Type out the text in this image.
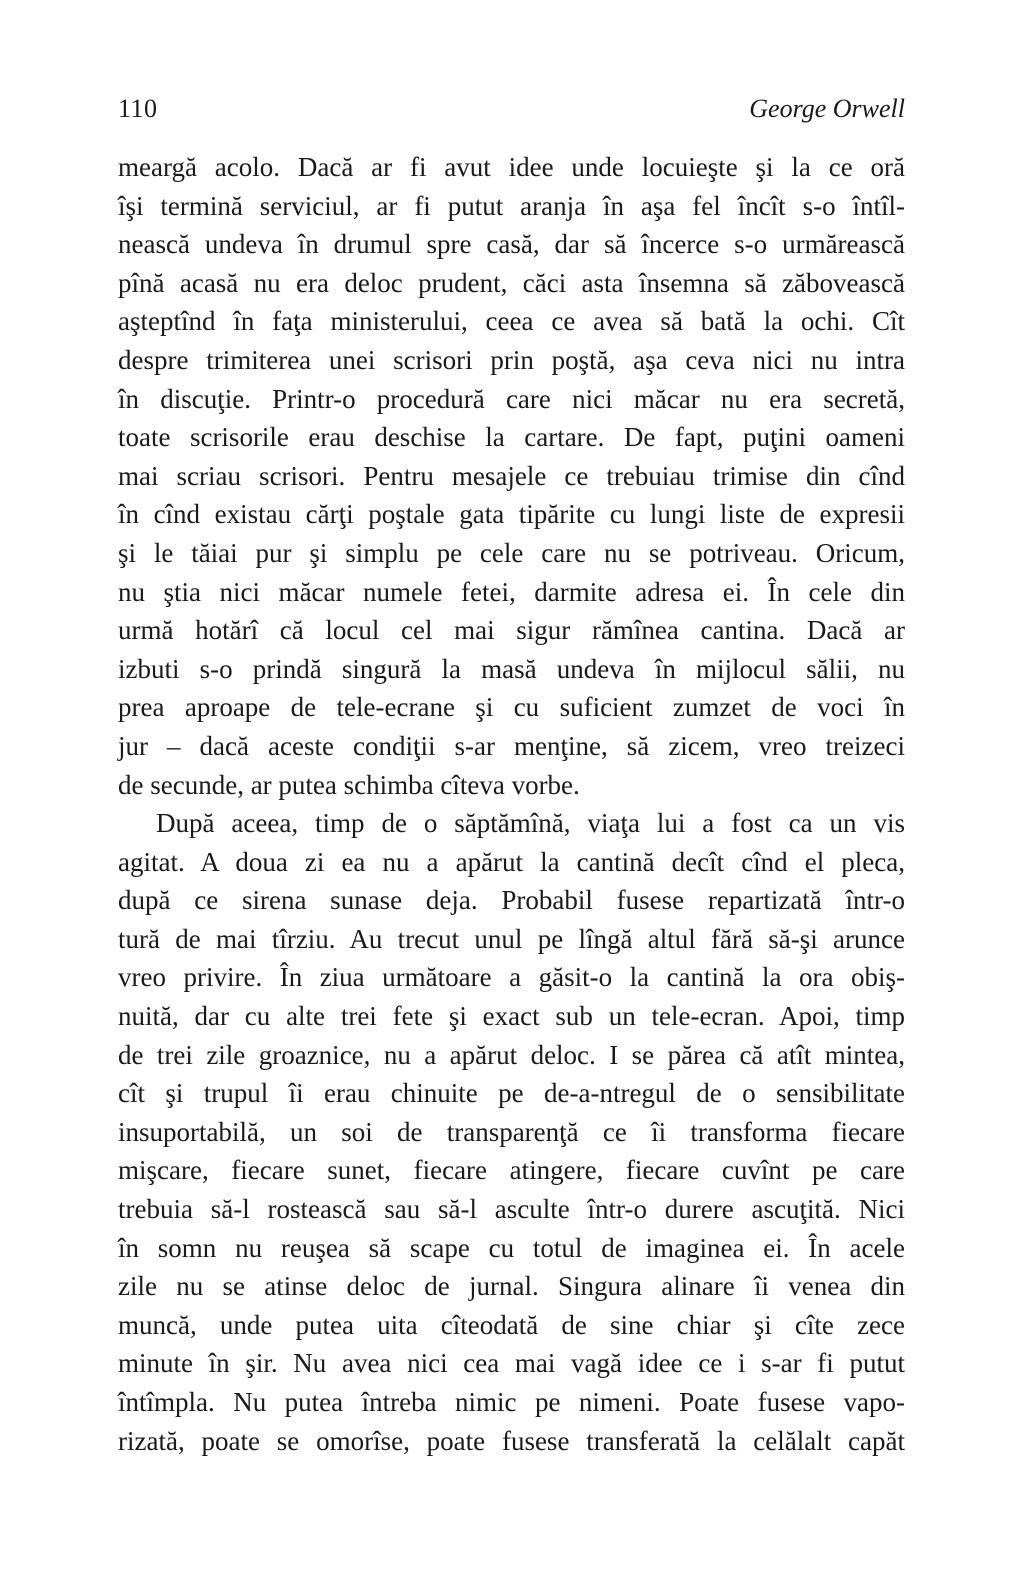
110	George Orwell
meargă acolo. Dacă ar fi avut idee unde locuieşte şi la ce oră
îşi termină serviciul, ar fi putut aranja în aşa fel încît s-o întîl-
nească undeva în drumul spre casă, dar să încerce s-o urmărească
pînă acasă nu era deloc prudent, căci asta însemna să zăbovească
aşteptînd în faţa ministerului, ceea ce avea să bată la ochi. Cît
despre trimiterea unei scrisori prin poştă, aşa ceva nici nu intra
în discuţie. Printr-o procedură care nici măcar nu era secretă,
toate scrisorile erau deschise la cartare. De fapt, puţini oameni
mai scriau scrisori. Pentru mesajele ce trebuiau trimise din cînd
în cînd existau cărţi poştale gata tipărite cu lungi liste de expresii
şi le tăiai pur şi simplu pe cele care nu se potriveau. Oricum,
nu ştia nici măcar numele fetei, darmite adresa ei. În cele din
urmă hotărî că locul cel mai sigur rămînea cantina. Dacă ar
izbuti s-o prindă singură la masă undeva în mijlocul sălii, nu
prea aproape de tele-ecrane şi cu suficient zumzet de voci în
jur – dacă aceste condiţii s-ar menţine, să zicem, vreo treizeci
de secunde, ar putea schimba cîteva vorbe.
După aceea, timp de o săptămînă, viaţa lui a fost ca un vis
agitat. A doua zi ea nu a apărut la cantină decît cînd el pleca,
după ce sirena sunase deja. Probabil fusese repartizată într-o
tură de mai tîrziu. Au trecut unul pe lîngă altul fără să-şi arunce
vreo privire. În ziua următoare a găsit-o la cantină la ora obiş-
nuită, dar cu alte trei fete şi exact sub un tele-ecran. Apoi, timp
de trei zile groaznice, nu a apărut deloc. I se părea că atît mintea,
cît şi trupul îi erau chinuite pe de-a-ntregul de o sensibilitate
insuportabilă, un soi de transparenţă ce îi transforma fiecare
mişcare, fiecare sunet, fiecare atingere, fiecare cuvînt pe care
trebuia să-l rostească sau să-l asculte într-o durere ascuţită. Nici
în somn nu reuşea să scape cu totul de imaginea ei. În acele
zile nu se atinse deloc de jurnal. Singura alinare îi venea din
muncă, unde putea uita cîteodată de sine chiar şi cîte zece
minute în şir. Nu avea nici cea mai vagă idee ce i s-ar fi putut
întîmpla. Nu putea întreba nimic pe nimeni. Poate fusese vapo-
rizată, poate se omorîse, poate fusese transferată la celălalt capăt
